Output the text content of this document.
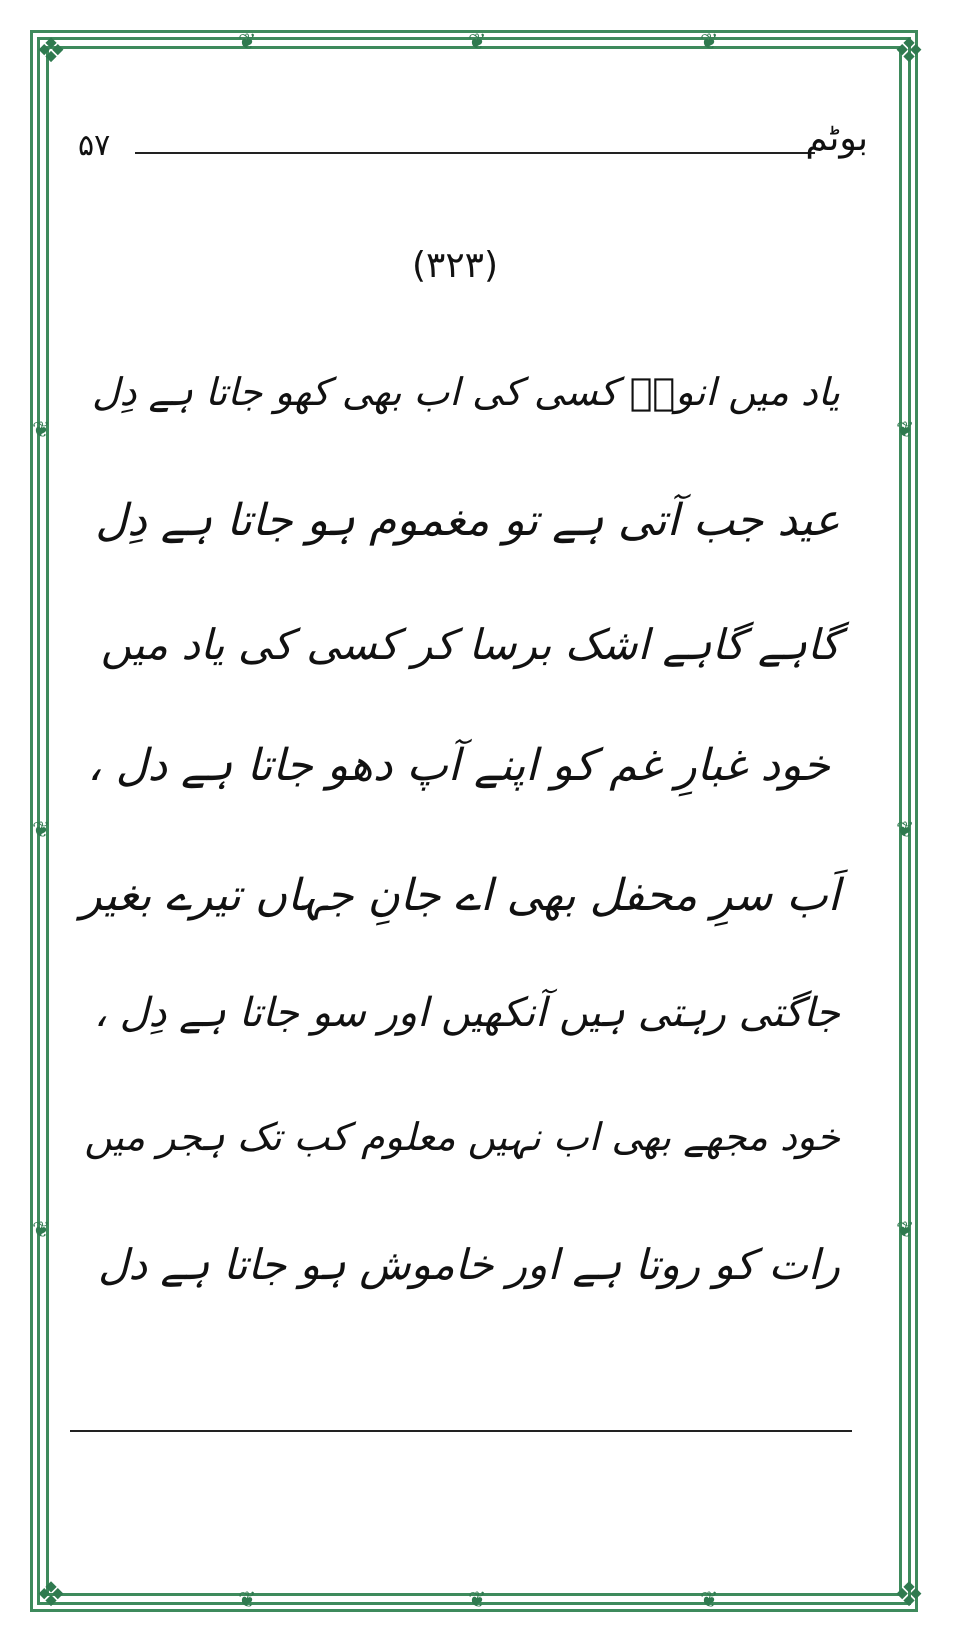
❖	❖
❖	❖
❦	❦	❦
❦	❦	❦
❦
❦
❦
❦
❦
❦
۵۷	بوٹم
(۳۲۳)
یاد میں انورؔ کسی کی اب بھی کھو جاتا ہے دِل
عید جب آتی ہے تو مغموم ہو جاتا ہے دِل
گاہے گاہے اشک برسا کر کسی کی یاد میں
خود غبارِ غم کو اپنے آپ دھو جاتا ہے دل ،
اَب سرِ محفل بھی اے جانِ جہاں تیرے بغیر
جاگتی رہتی ہیں آنکھیں اور سو جاتا ہے دِل ،
خود مجھے بھی اب نہیں معلوم کب تک ہجر میں
رات کو روتا ہے اور خاموش ہو جاتا ہے دل
